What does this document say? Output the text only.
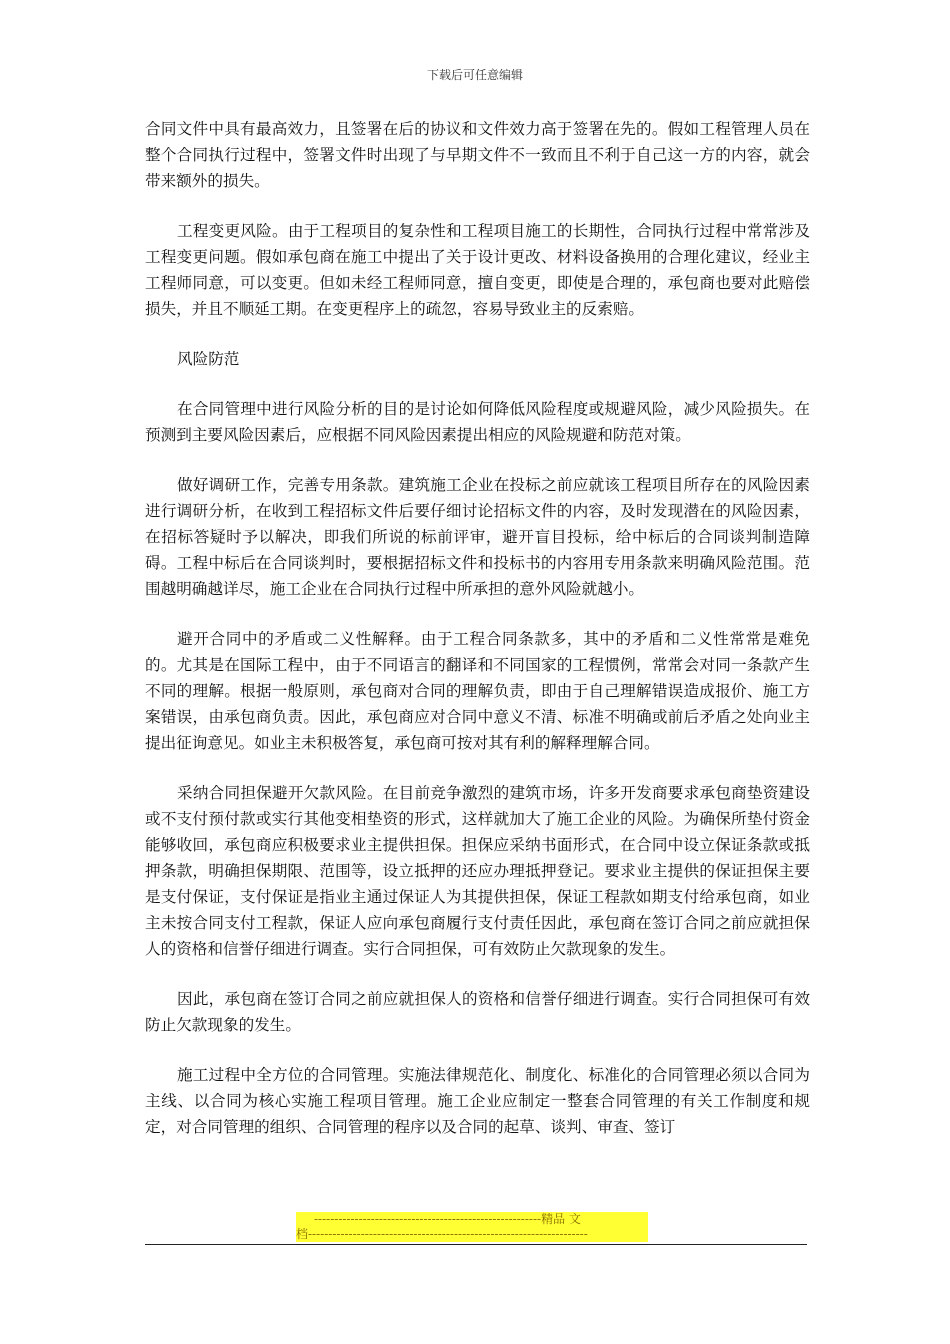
下载后可任意编辑

合同文件中具有最高效力，且签署在后的协议和文件效力高于签署在先的。假如工程管理人员在整个合同执行过程中，签署文件时出现了与早期文件不一致而且不利于自己这一方的内容，就会带来额外的损失。

工程变更风险。由于工程项目的复杂性和工程项目施工的长期性，合同执行过程中常常涉及工程变更问题。假如承包商在施工中提出了关于设计更改、材料设备换用的合理化建议，经业主工程师同意，可以变更。但如未经工程师同意，擅自变更，即使是合理的，承包商也要对此赔偿损失，并且不顺延工期。在变更程序上的疏忽，容易导致业主的反索赔。

风险防范

在合同管理中进行风险分析的目的是讨论如何降低风险程度或规避风险，减少风险损失。在预测到主要风险因素后，应根据不同风险因素提出相应的风险规避和防范对策。

做好调研工作，完善专用条款。建筑施工企业在投标之前应就该工程项目所存在的风险因素进行调研分析，在收到工程招标文件后要仔细讨论招标文件的内容，及时发现潜在的风险因素，在招标答疑时予以解决，即我们所说的标前评审，避开盲目投标，给中标后的合同谈判制造障碍。工程中标后在合同谈判时，要根据招标文件和投标书的内容用专用条款来明确风险范围。范围越明确越详尽，施工企业在合同执行过程中所承担的意外风险就越小。

避开合同中的矛盾或二义性解释。由于工程合同条款多，其中的矛盾和二义性常常是难免的。尤其是在国际工程中，由于不同语言的翻译和不同国家的工程惯例，常常会对同一条款产生不同的理解。根据一般原则，承包商对合同的理解负责，即由于自己理解错误造成报价、施工方案错误，由承包商负责。因此，承包商应对合同中意义不清、标准不明确或前后矛盾之处向业主提出征询意见。如业主未积极答复，承包商可按对其有利的解释理解合同。

采纳合同担保避开欠款风险。在目前竞争激烈的建筑市场，许多开发商要求承包商垫资建设或不支付预付款或实行其他变相垫资的形式，这样就加大了施工企业的风险。为确保所垫付资金能够收回，承包商应积极要求业主提供担保。担保应采纳书面形式，在合同中设立保证条款或抵押条款，明确担保期限、范围等，设立抵押的还应办理抵押登记。要求业主提供的保证担保主要是支付保证，支付保证是指业主通过保证人为其提供担保，保证工程款如期支付给承包商，如业主未按合同支付工程款，保证人应向承包商履行支付责任因此，承包商在签订合同之前应就担保人的资格和信誉仔细进行调查。实行合同担保，可有效防止欠款现象的发生。

因此，承包商在签订合同之前应就担保人的资格和信誉仔细进行调查。实行合同担保可有效防止欠款现象的发生。

施工过程中全方位的合同管理。实施法律规范化、制度化、标准化的合同管理必须以合同为主线、以合同为核心实施工程项目管理。施工企业应制定一整套合同管理的有关工作制度和规定，对合同管理的组织、合同管理的程序以及合同的起草、谈判、审查、签订

--------------------------------------------------------精品 文
档---------------------------------------------------------------------
